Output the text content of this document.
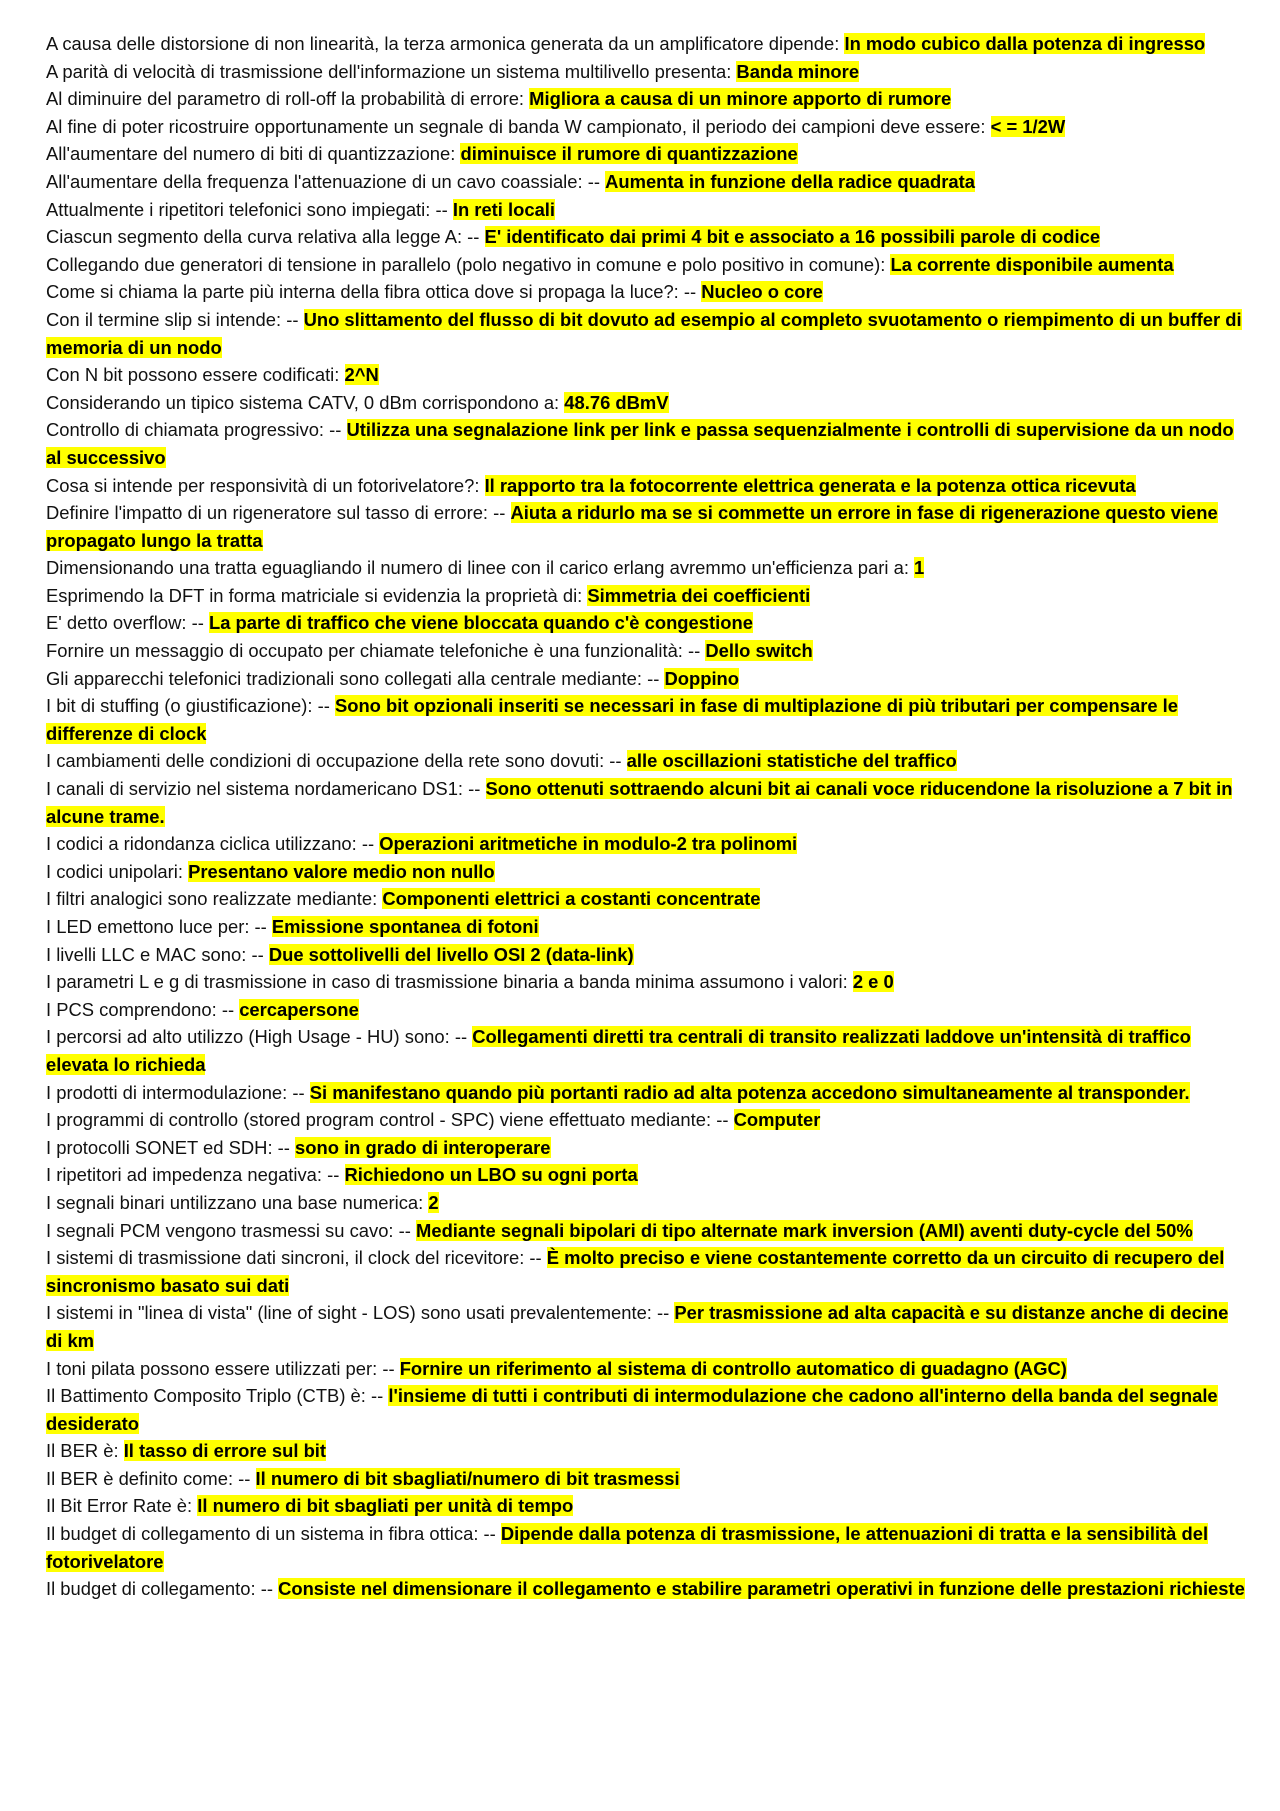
A causa delle distorsione di non linearità, la terza armonica generata da un amplificatore dipende: In modo cubico dalla potenza di ingresso

A parità di velocità di trasmissione dell'informazione un sistema multilivello presenta: Banda minore

Al diminuire del parametro di roll-off la probabilità di errore: Migliora a causa di un minore apporto di rumore

Al fine di poter ricostruire opportunamente un segnale di banda W campionato, il periodo dei campioni deve essere: < = 1/2W

All'aumentare del numero di biti di quantizzazione: diminuisce il rumore di quantizzazione

All'aumentare della frequenza l'attenuazione di un cavo coassiale: -- Aumenta in funzione della radice quadrata

Attualmente i ripetitori telefonici sono impiegati: -- In reti locali

Ciascun segmento della curva relativa alla legge A: -- E' identificato dai primi 4 bit e associato a 16 possibili parole di codice

Collegando due generatori di tensione in parallelo (polo negativo in comune e polo positivo in comune): La corrente disponibile aumenta

Come si chiama la parte più interna della fibra ottica dove si propaga la luce?: -- Nucleo o core

Con il termine slip si intende: -- Uno slittamento del flusso di bit dovuto ad esempio al completo svuotamento o riempimento di un buffer di memoria di un nodo

Con N bit possono essere codificati: 2^N

Considerando un tipico sistema CATV, 0 dBm corrispondono a: 48.76 dBmV

Controllo di chiamata progressivo: -- Utilizza una segnalazione link per link e passa sequenzialmente i controlli di supervisione da un nodo al successivo

Cosa si intende per responsività di un fotorivelatore?: Il rapporto tra la fotocorrente elettrica generata e la potenza ottica ricevuta

Definire l'impatto di un rigeneratore sul tasso di errore: -- Aiuta a ridurlo ma se si commette un errore in fase di rigenerazione questo viene propagato lungo la tratta

Dimensionando una tratta eguagliando il numero di linee con il carico erlang avremmo un'efficienza pari a: 1

Esprimendo la DFT in forma matriciale si evidenzia la proprietà di: Simmetria dei coefficienti

E' detto overflow: -- La parte di traffico che viene bloccata quando c'è congestione

Fornire un messaggio di occupato per chiamate telefoniche è una funzionalità: -- Dello switch

Gli apparecchi telefonici tradizionali sono collegati alla centrale mediante: -- Doppino

I bit di stuffing (o giustificazione): -- Sono bit opzionali inseriti se necessari in fase di multiplazione di più tributari per compensare le differenze di clock

I cambiamenti delle condizioni di occupazione della rete sono dovuti: -- alle oscillazioni statistiche del traffico

I canali di servizio nel sistema nordamericano DS1: -- Sono ottenuti sottraendo alcuni bit ai canali voce riducendone la risoluzione a 7 bit in alcune trame.

I codici a ridondanza ciclica utilizzano: -- Operazioni aritmetiche in modulo-2 tra polinomi

I codici unipolari: Presentano valore medio non nullo

I filtri analogici sono realizzate mediante: Componenti elettrici a costanti concentrate

I LED emettono luce per: -- Emissione spontanea di fotoni

I livelli LLC e MAC sono: -- Due sottolivelli del livello OSI 2 (data-link)

I parametri L e g di trasmissione in caso di trasmissione binaria a banda minima assumono i valori: 2 e 0

I PCS comprendono: -- cercapersone

I percorsi ad alto utilizzo (High Usage - HU) sono: -- Collegamenti diretti tra centrali di transito realizzati laddove un'intensità di traffico elevata lo richieda

I prodotti di intermodulazione: -- Si manifestano quando più portanti radio ad alta potenza accedono simultaneamente al transponder.

I programmi di controllo (stored program control - SPC) viene effettuato mediante: -- Computer

I protocolli SONET ed SDH: -- sono in grado di interoperare

I ripetitori ad impedenza negativa: -- Richiedono un LBO su ogni porta

I segnali binari untilizzano una base numerica: 2

I segnali PCM vengono trasmessi su cavo: -- Mediante segnali bipolari di tipo alternate mark inversion (AMI) aventi duty-cycle del 50%

I sistemi di trasmissione dati sincroni, il clock del ricevitore: -- È molto preciso e viene costantemente corretto da un circuito di recupero del sincronismo basato sui dati

I sistemi in "linea di vista" (line of sight - LOS) sono usati prevalentemente: -- Per trasmissione ad alta capacità e su distanze anche di decine di km

I toni pilata possono essere utilizzati per: -- Fornire un riferimento al sistema di controllo automatico di guadagno (AGC)

Il Battimento Composito Triplo (CTB) è: -- l'insieme di tutti i contributi di intermodulazione che cadono all'interno della banda del segnale desiderato

Il BER è: Il tasso di errore sul bit

Il BER è definito come: -- Il numero di bit sbagliati/numero di bit trasmessi

Il Bit Error Rate è: Il numero di bit sbagliati per unità di tempo

Il budget di collegamento di un sistema in fibra ottica: -- Dipende dalla potenza di trasmissione, le attenuazioni di tratta e la sensibilità del fotorivelatore

Il budget di collegamento: -- Consiste nel dimensionare il collegamento e stabilire parametri operativi in funzione delle prestazioni richieste
